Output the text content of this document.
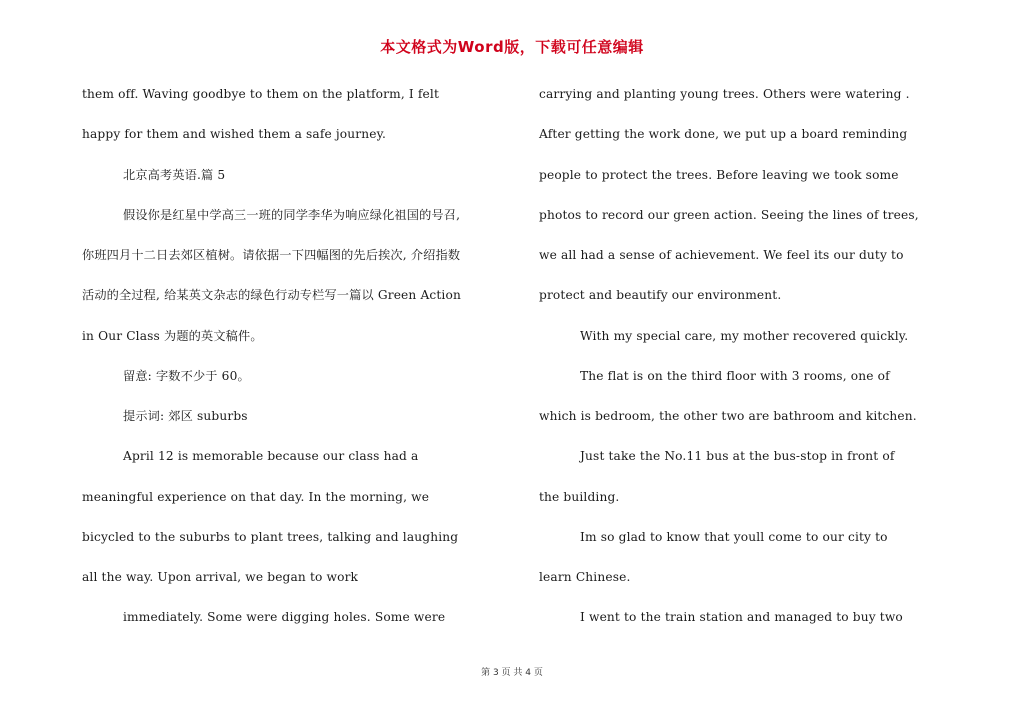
本文格式为Word版，下载可任意编辑
them off. Waving goodbye to them on the platform, I felt
happy for them and wished them a safe journey.
北京高考英语.篇 5
假设你是红星中学高三一班的同学李华为响应绿化祖国的号召,
你班四月十二日去郊区植树。请依据一下四幅图的先后挨次, 介绍指数
活动的全过程, 给某英文杂志的绿色行动专栏写一篇以 Green Action
in Our Class 为题的英文稿件。
留意: 字数不少于 60。
提示词: 郊区 suburbs
April 12 is memorable because our class had a
meaningful experience on that day. In the morning, we
bicycled to the suburbs to plant trees, talking and laughing
all the way. Upon arrival, we began to work
immediately. Some were digging holes. Some were
carrying and planting young trees. Others were watering .
After getting the work done, we put up a board reminding
people to protect the trees. Before leaving we took some
photos to record our green action. Seeing the lines of trees,
we all had a sense of achievement. We feel its our duty to
protect and beautify our environment.
With my special care, my mother recovered quickly.
The flat is on the third floor with 3 rooms, one of
which is bedroom, the other two are bathroom and kitchen.
Just take the No.11 bus at the bus-stop in front of
the building.
Im so glad to know that youll come to our city to
learn Chinese.
I went to the train station and managed to buy two
第 3 页 共 4 页
